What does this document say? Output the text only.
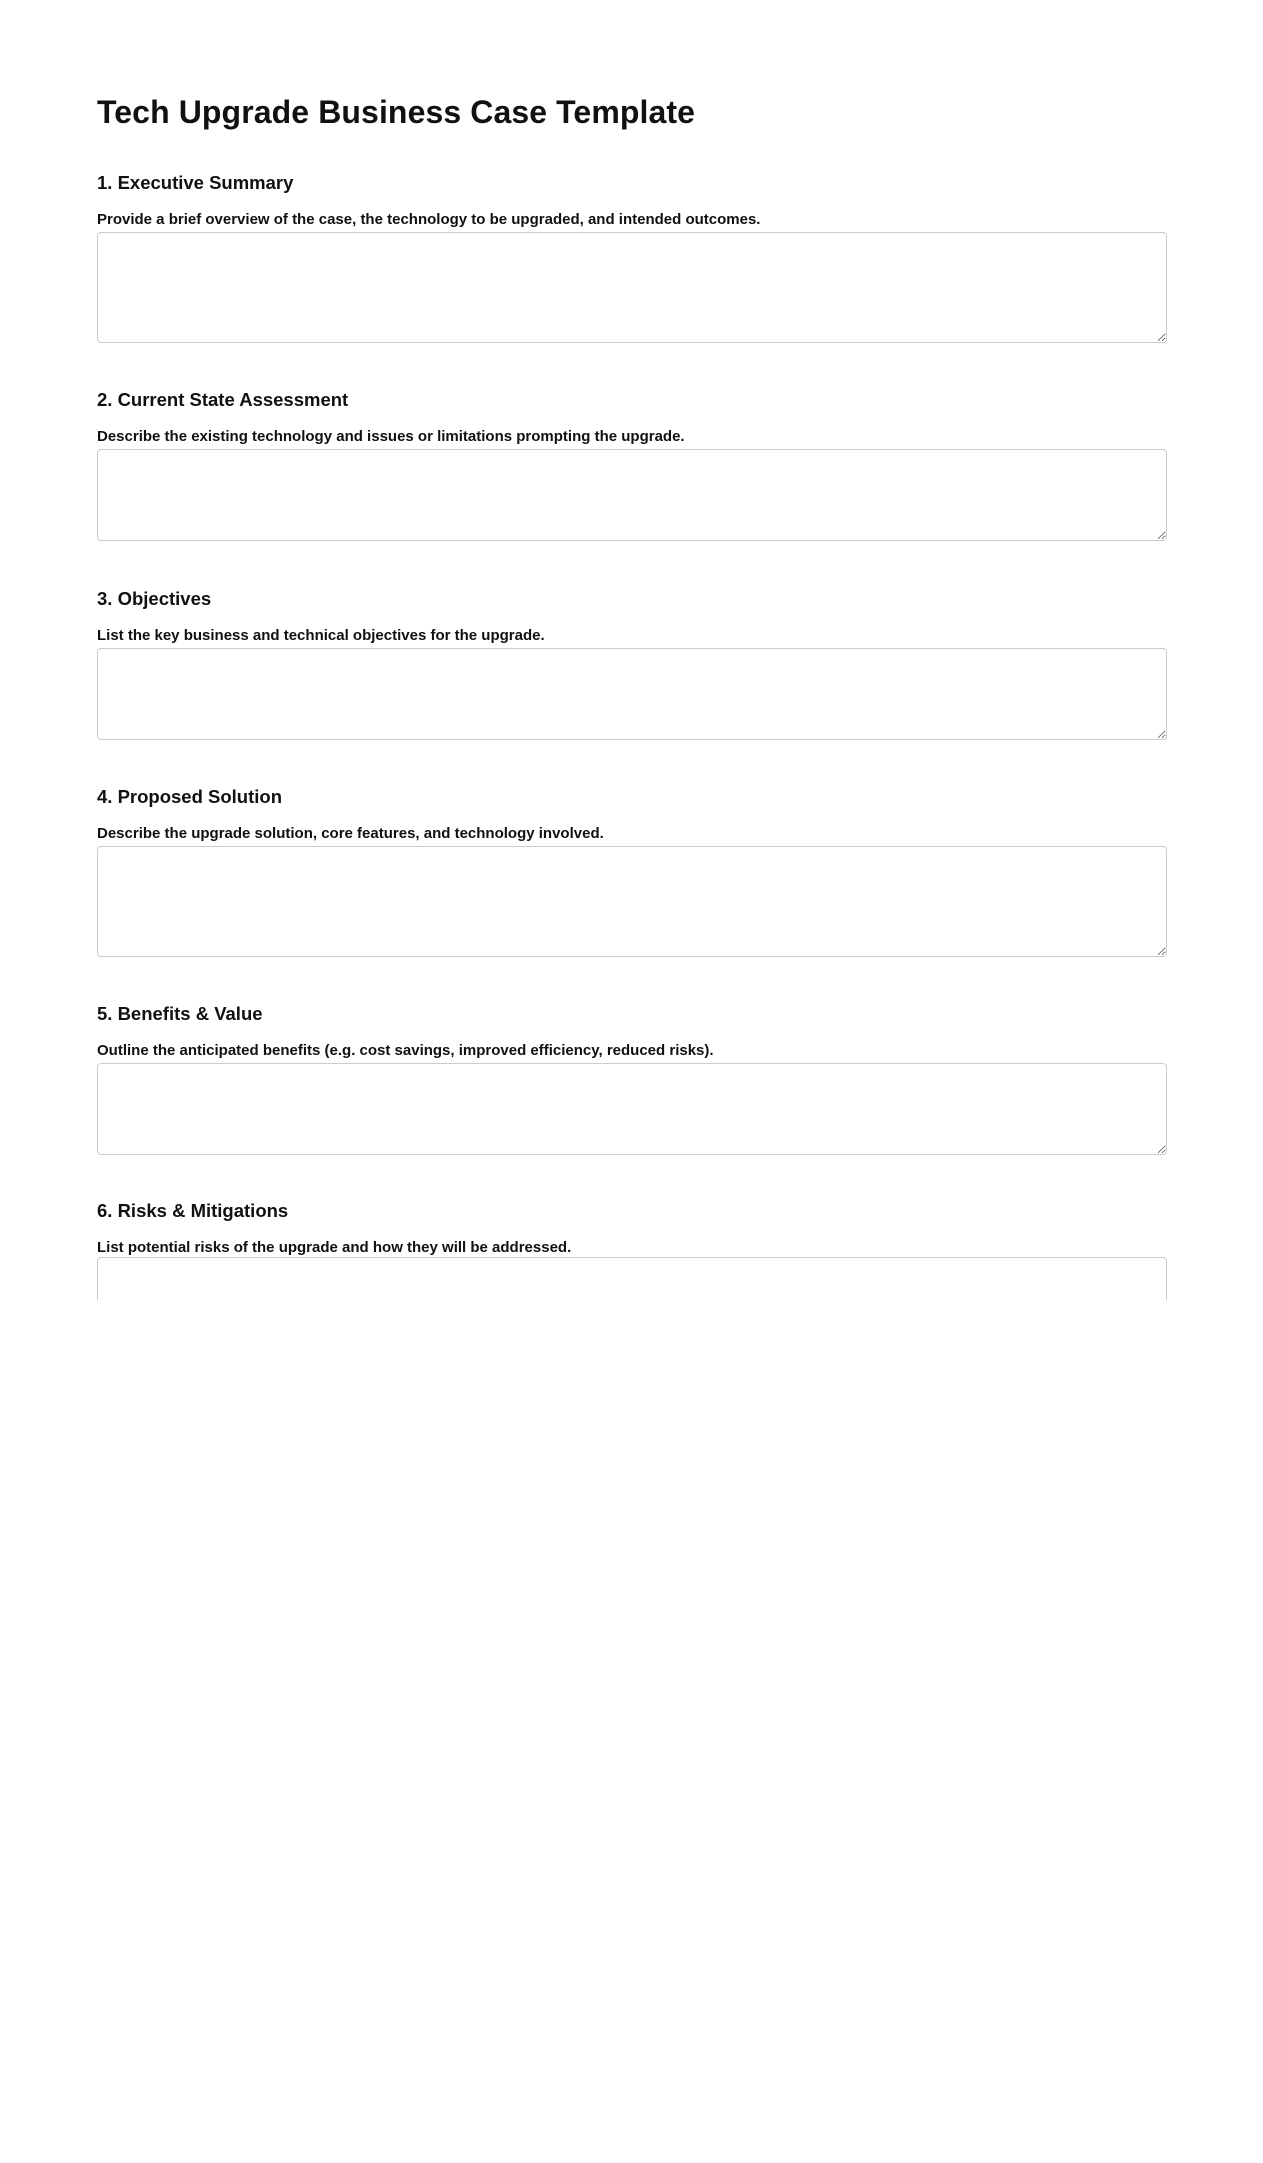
Tech Upgrade Business Case Template
1. Executive Summary
Provide a brief overview of the case, the technology to be upgraded, and intended outcomes.
2. Current State Assessment
Describe the existing technology and issues or limitations prompting the upgrade.
3. Objectives
List the key business and technical objectives for the upgrade.
4. Proposed Solution
Describe the upgrade solution, core features, and technology involved.
5. Benefits & Value
Outline the anticipated benefits (e.g. cost savings, improved efficiency, reduced risks).
6. Risks & Mitigations
List potential risks of the upgrade and how they will be addressed.
